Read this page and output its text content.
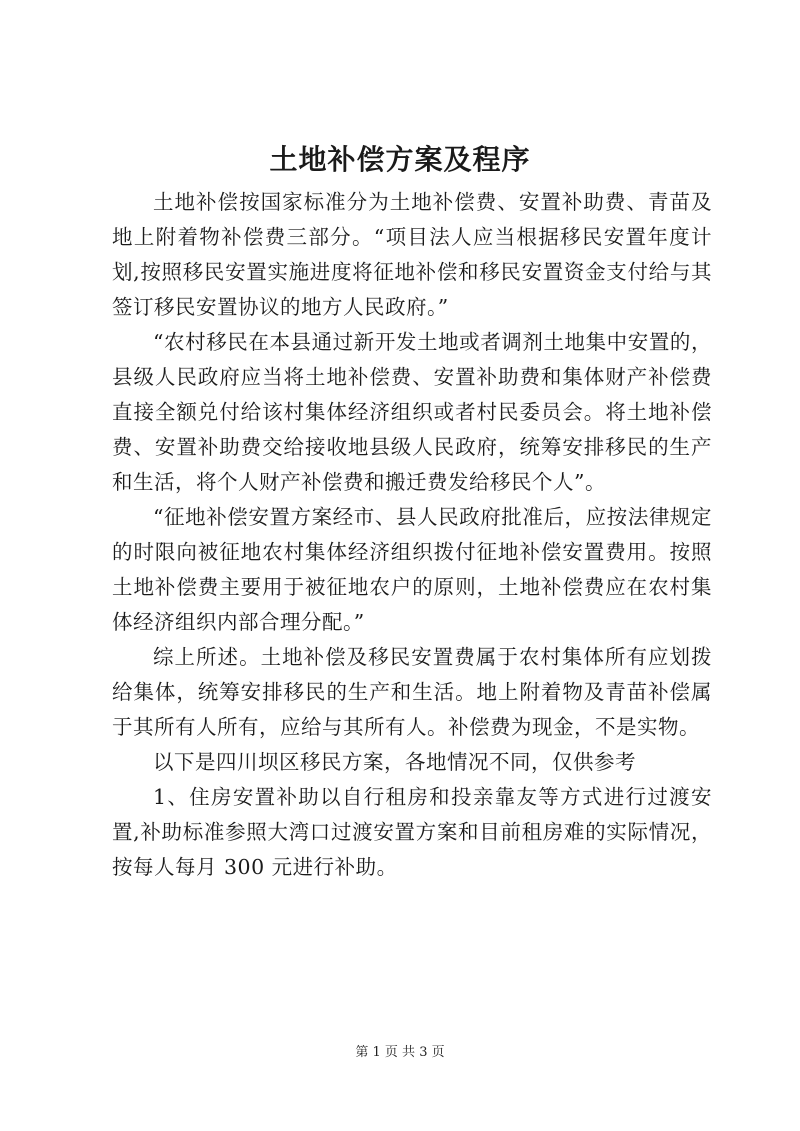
土地补偿方案及程序

土地补偿按国家标准分为土地补偿费、安置补助费、青苗及地上附着物补偿费三部分。“项目法人应当根据移民安置年度计划,按照移民安置实施进度将征地补偿和移民安置资金支付给与其签订移民安置协议的地方人民政府。”

“农村移民在本县通过新开发土地或者调剂土地集中安置的，县级人民政府应当将土地补偿费、安置补助费和集体财产补偿费直接全额兑付给该村集体经济组织或者村民委员会。将土地补偿费、安置补助费交给接收地县级人民政府，统筹安排移民的生产和生活，将个人财产补偿费和搬迁费发给移民个人”。

“征地补偿安置方案经市、县人民政府批准后，应按法律规定的时限向被征地农村集体经济组织拨付征地补偿安置费用。按照土地补偿费主要用于被征地农户的原则，土地补偿费应在农村集体经济组织内部合理分配。”

综上所述。土地补偿及移民安置费属于农村集体所有应划拨给集体，统筹安排移民的生产和生活。地上附着物及青苗补偿属于其所有人所有，应给与其所有人。补偿费为现金，不是实物。

以下是四川坝区移民方案，各地情况不同，仅供参考

1、住房安置补助以自行租房和投亲靠友等方式进行过渡安置,补助标准参照大湾口过渡安置方案和目前租房难的实际情况，按每人每月 300 元进行补助。

第 1 页 共 3 页
